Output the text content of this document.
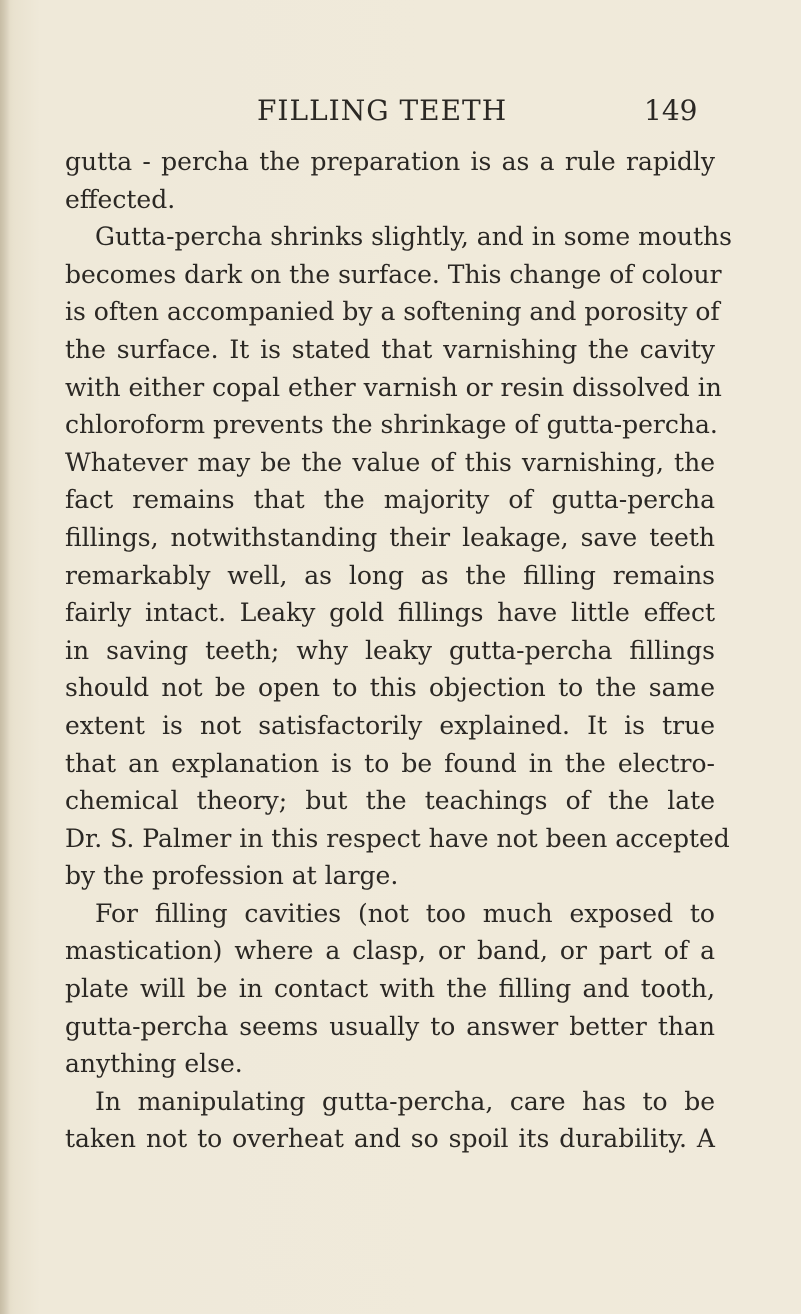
FILLING TEETH	149
gutta - percha the preparation is as a rule rapidly
effected.
Gutta-percha shrinks slightly, and in some mouths
becomes dark on the surface. This change of colour
is often accompanied by a softening and porosity of
the surface. It is stated that varnishing the cavity
with either copal ether varnish or resin dissolved in
chloroform prevents the shrinkage of gutta-percha.
Whatever may be the value of this varnishing, the
fact remains that the majority of gutta-percha
fillings, notwithstanding their leakage, save teeth
remarkably well, as long as the filling remains
fairly intact. Leaky gold fillings have little effect
in saving teeth; why leaky gutta-percha fillings
should not be open to this objection to the same
extent is not satisfactorily explained. It is true
that an explanation is to be found in the electro-
chemical theory; but the teachings of the late
Dr. S. Palmer in this respect have not been accepted
by the profession at large.
For filling cavities (not too much exposed to
mastication) where a clasp, or band, or part of a
plate will be in contact with the filling and tooth,
gutta-percha seems usually to answer better than
anything else.
In manipulating gutta-percha, care has to be
taken not to overheat and so spoil its durability. A
